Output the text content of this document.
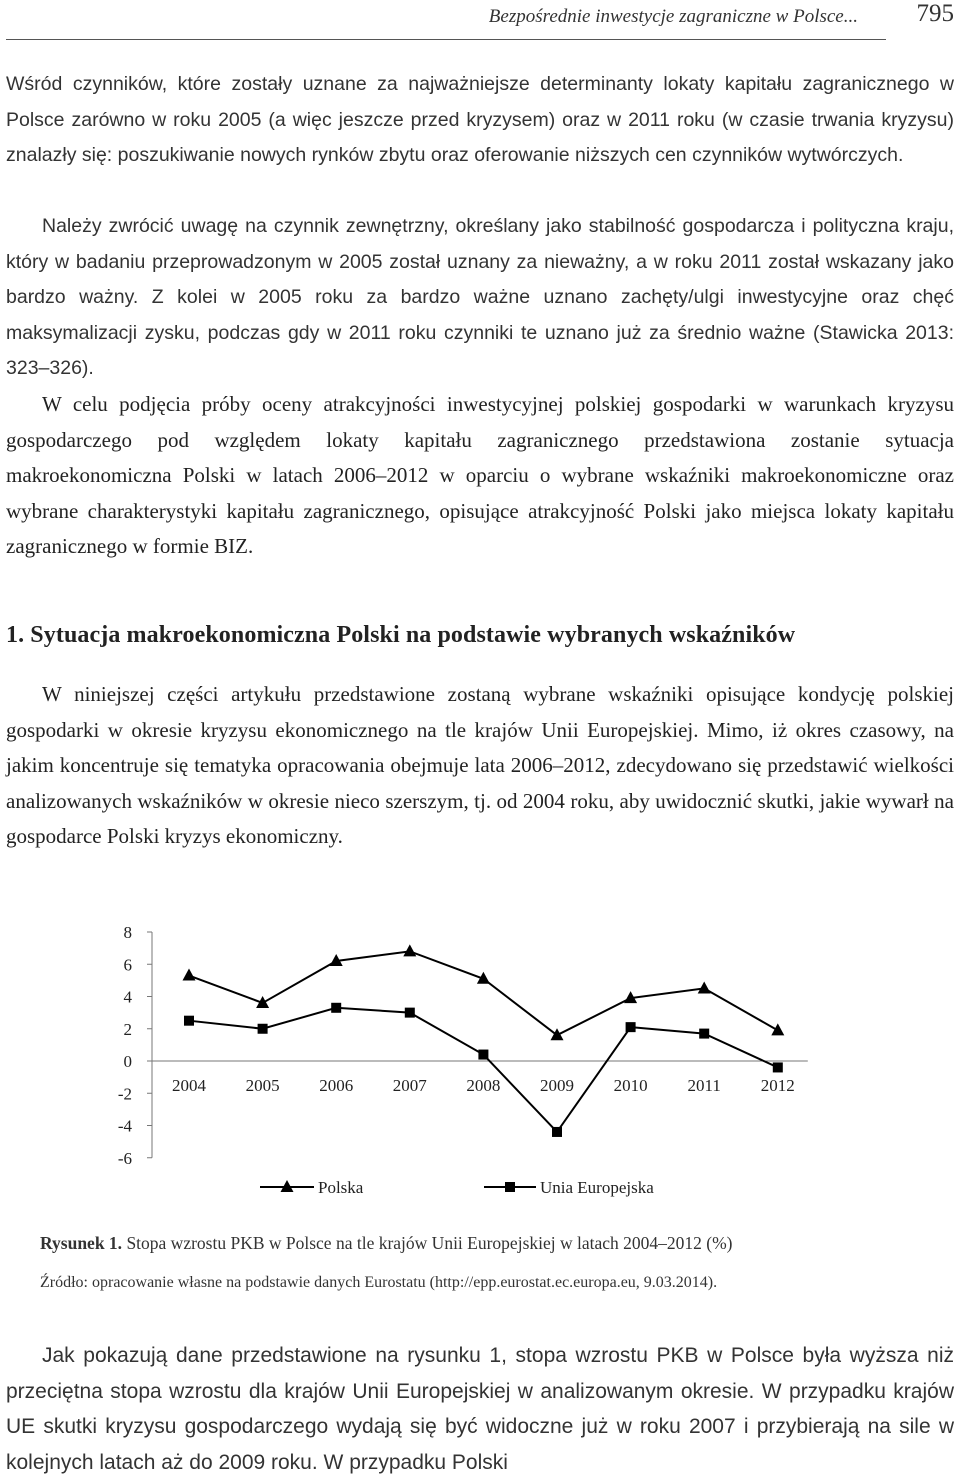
Bezpośrednie inwestycje zagraniczne w Polsce... 795

Wśród czynników, które zostały uznane za najważniejsze determinanty lokaty kapitału zagranicznego w Polsce zarówno w roku 2005 (a więc jeszcze przed kryzysem) oraz w 2011 roku (w czasie trwania kryzysu) znalazły się: poszukiwanie nowych rynków zbytu oraz oferowanie niższych cen czynników wytwórczych.

Należy zwrócić uwagę na czynnik zewnętrzny, określany jako stabilność gospodarcza i polityczna kraju, który w badaniu przeprowadzonym w 2005 został uznany za nieważny, a w roku 2011 został wskazany jako bardzo ważny. Z kolei w 2005 roku za bardzo ważne uznano zachęty/ulgi inwestycyjne oraz chęć maksymalizacji zysku, podczas gdy w 2011 roku czynniki te uznano już za średnio ważne (Stawicka 2013: 323–326).

W celu podjęcia próby oceny atrakcyjności inwestycyjnej polskiej gospodarki w warunkach kryzysu gospodarczego pod względem lokaty kapitału zagranicznego przedstawiona zostanie sytuacja makroekonomiczna Polski w latach 2006–2012 w oparciu o wybrane wskaźniki makroekonomiczne oraz wybrane charakterystyki kapitału zagranicznego, opisujące atrakcyjność Polski jako miejsca lokaty kapitału zagranicznego w formie BIZ.

1. Sytuacja makroekonomiczna Polski na podstawie wybranych wskaźników

W niniejszej części artykułu przedstawione zostaną wybrane wskaźniki opisujące kondycję polskiej gospodarki w okresie kryzysu ekonomicznego na tle krajów Unii Europejskiej. Mimo, iż okres czasowy, na jakim koncentruje się tematyka opracowania obejmuje lata 2006–2012, zdecydowano się przedstawić wielkości analizowanych wskaźników w okresie nieco szerszym, tj. od 2004 roku, aby uwidocznić skutki, jakie wywarł na gospodarce Polski kryzys ekonomiczny.

8
6
4
2
0
-2
-4
-6
2004 2005 2006 2007 2008 2009 2010 2011 2012
Polska	Unia Europejska
Rysunek 1. Stopa wzrostu PKB w Polsce na tle krajów Unii Europejskiej w latach 2004–2012 (%)
Źródło: opracowanie własne na podstawie danych Eurostatu (http://epp.eurostat.ec.europa.eu, 9.03.2014).

Jak pokazują dane przedstawione na rysunku 1, stopa wzrostu PKB w Polsce była wyższa niż przeciętna stopa wzrostu dla krajów Unii Europejskiej w analizowanym okresie. W przypadku krajów UE skutki kryzysu gospodarczego wydają się być widoczne już w roku 2007 i przybierają na sile w kolejnych latach aż do 2009 roku. W przypadku Polski
